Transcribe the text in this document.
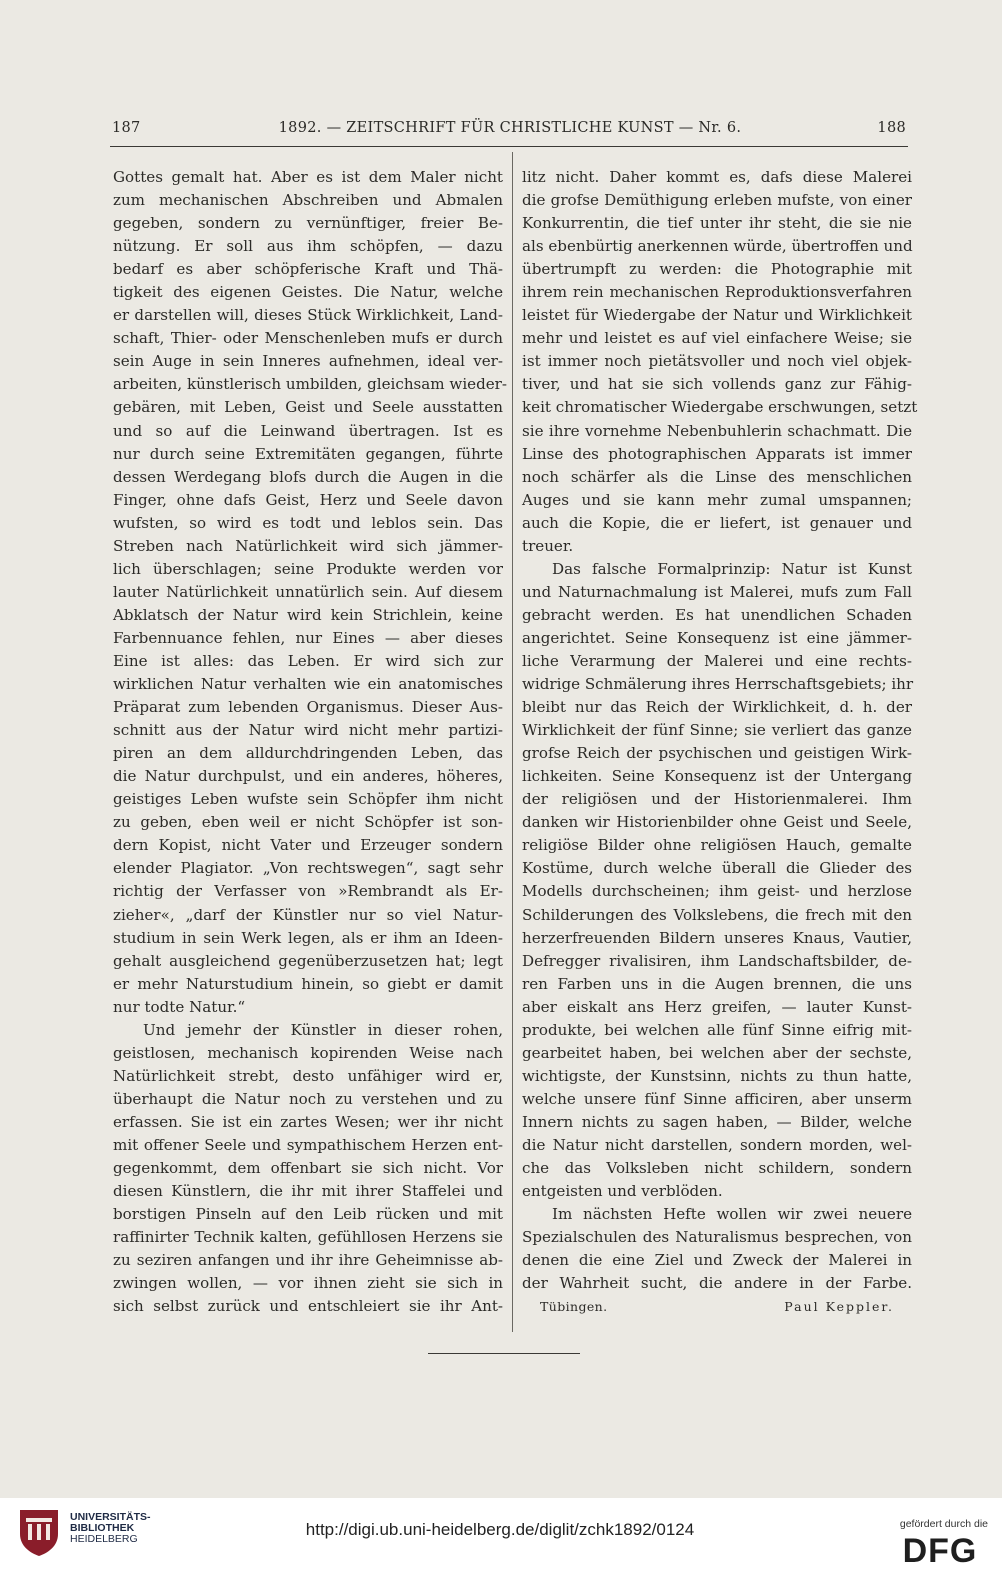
187	1892. — ZEITSCHRIFT FÜR CHRISTLICHE KUNST — Nr. 6.	188
Gottes gemalt hat. Aber es ist dem Maler nicht
zum mechanischen Abschreiben und Abmalen
gegeben, sondern zu vernünftiger, freier Be-
nützung. Er soll aus ihm schöpfen, — dazu
bedarf es aber schöpferische Kraft und Thä-
tigkeit des eigenen Geistes. Die Natur, welche
er darstellen will, dieses Stück Wirklichkeit, Land-
schaft, Thier- oder Menschenleben mufs er durch
sein Auge in sein Inneres aufnehmen, ideal ver-
arbeiten, künstlerisch umbilden, gleichsam wieder-
gebären, mit Leben, Geist und Seele ausstatten
und so auf die Leinwand übertragen. Ist es
nur durch seine Extremitäten gegangen, führte
dessen Werdegang blofs durch die Augen in die
Finger, ohne dafs Geist, Herz und Seele davon
wufsten, so wird es todt und leblos sein. Das
Streben nach Natürlichkeit wird sich jämmer-
lich überschlagen; seine Produkte werden vor
lauter Natürlichkeit unnatürlich sein. Auf diesem
Abklatsch der Natur wird kein Strichlein, keine
Farbennuance fehlen, nur Eines — aber dieses
Eine ist alles: das Leben. Er wird sich zur
wirklichen Natur verhalten wie ein anatomisches
Präparat zum lebenden Organismus. Dieser Aus-
schnitt aus der Natur wird nicht mehr partizi-
piren an dem alldurchdringenden Leben, das
die Natur durchpulst, und ein anderes, höheres,
geistiges Leben wufste sein Schöpfer ihm nicht
zu geben, eben weil er nicht Schöpfer ist son-
dern Kopist, nicht Vater und Erzeuger sondern
elender Plagiator. „Von rechtswegen“, sagt sehr
richtig der Verfasser von »Rembrandt als Er-
zieher«, „darf der Künstler nur so viel Natur-
studium in sein Werk legen, als er ihm an Ideen-
gehalt ausgleichend gegenüberzusetzen hat; legt
er mehr Naturstudium hinein, so giebt er damit
nur todte Natur.“
Und jemehr der Künstler in dieser rohen,
geistlosen, mechanisch kopirenden Weise nach
Natürlichkeit strebt, desto unfähiger wird er,
überhaupt die Natur noch zu verstehen und zu
erfassen. Sie ist ein zartes Wesen; wer ihr nicht
mit offener Seele und sympathischem Herzen ent-
gegenkommt, dem offenbart sie sich nicht. Vor
diesen Künstlern, die ihr mit ihrer Staffelei und
borstigen Pinseln auf den Leib rücken und mit
raffinirter Technik kalten, gefühllosen Herzens sie
zu seziren anfangen und ihr ihre Geheimnisse ab-
zwingen wollen, — vor ihnen zieht sie sich in
sich selbst zurück und entschleiert sie ihr Ant-
litz nicht. Daher kommt es, dafs diese Malerei
die grofse Demüthigung erleben mufste, von einer
Konkurrentin, die tief unter ihr steht, die sie nie
als ebenbürtig anerkennen würde, übertroffen und
übertrumpft zu werden: die Photographie mit
ihrem rein mechanischen Reproduktionsverfahren
leistet für Wiedergabe der Natur und Wirklichkeit
mehr und leistet es auf viel einfachere Weise; sie
ist immer noch pietätsvoller und noch viel objek-
tiver, und hat sie sich vollends ganz zur Fähig-
keit chromatischer Wiedergabe erschwungen, setzt
sie ihre vornehme Nebenbuhlerin schachmatt. Die
Linse des photographischen Apparats ist immer
noch schärfer als die Linse des menschlichen
Auges und sie kann mehr zumal umspannen;
auch die Kopie, die er liefert, ist genauer und
treuer.
Das falsche Formalprinzip: Natur ist Kunst
und Naturnachmalung ist Malerei, mufs zum Fall
gebracht werden. Es hat unendlichen Schaden
angerichtet. Seine Konsequenz ist eine jämmer-
liche Verarmung der Malerei und eine rechts-
widrige Schmälerung ihres Herrschaftsgebiets; ihr
bleibt nur das Reich der Wirklichkeit, d. h. der
Wirklichkeit der fünf Sinne; sie verliert das ganze
grofse Reich der psychischen und geistigen Wirk-
lichkeiten. Seine Konsequenz ist der Untergang
der religiösen und der Historienmalerei. Ihm
danken wir Historienbilder ohne Geist und Seele,
religiöse Bilder ohne religiösen Hauch, gemalte
Kostüme, durch welche überall die Glieder des
Modells durchscheinen; ihm geist- und herzlose
Schilderungen des Volkslebens, die frech mit den
herzerfreuenden Bildern unseres Knaus, Vautier,
Defregger rivalisiren, ihm Landschaftsbilder, de-
ren Farben uns in die Augen brennen, die uns
aber eiskalt ans Herz greifen, — lauter Kunst-
produkte, bei welchen alle fünf Sinne eifrig mit-
gearbeitet haben, bei welchen aber der sechste,
wichtigste, der Kunstsinn, nichts zu thun hatte,
welche unsere fünf Sinne afficiren, aber unserm
Innern nichts zu sagen haben, — Bilder, welche
die Natur nicht darstellen, sondern morden, wel-
che das Volksleben nicht schildern, sondern
entgeisten und verblöden.
Im nächsten Hefte wollen wir zwei neuere
Spezialschulen des Naturalismus besprechen, von
denen die eine Ziel und Zweck der Malerei in
der Wahrheit sucht, die andere in der Farbe.
Tübingen.	Paul Keppler.
UNIVERSITÄTS-
BIBLIOTHEK
HEIDELBERG	http://digi.ub.uni-heidelberg.de/diglit/zchk1892/0124	gefördert durch die
DFG
